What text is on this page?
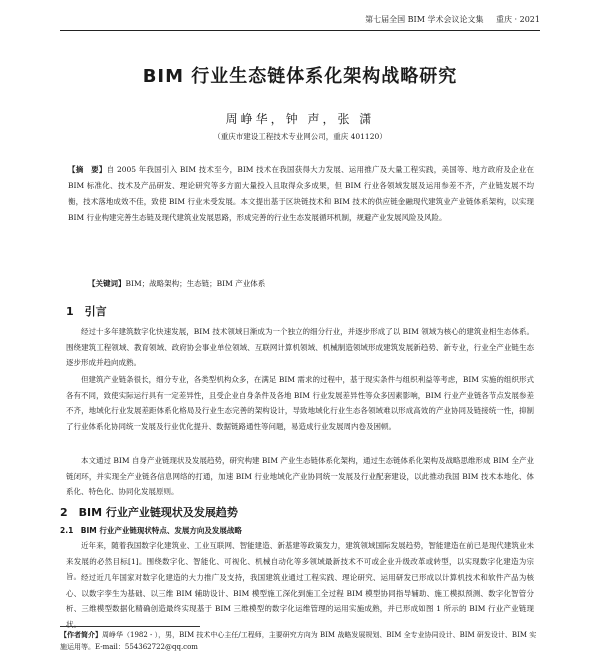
第七届全国 BIM 学术会议论文集 重庆 · 2021
BIM 行业生态链体系化架构战略研究
周峥华，钟 声，张 潇
（重庆市建设工程技术专业网公司，重庆 401120）
【摘　要】自 2005 年我国引入 BIM 技术至今，BIM 技术在我国获得大力发展、运用推广及大量工程实践，美国等、地方政府及企业在 BIM 标准化、技术及产品研发、理论研究等多方面大量投入且取得众多成果，但 BIM 行业各领域发展及运用参差不齐，产业链发展不均衡，技术落地成效不佳，致使 BIM 行业未受发展。本文提出基于区块链技术和 BIM 技术的供应链金融现代建筑业产业链体系架构，以实现 BIM 行业构建完善生态链及现代建筑业发展思路，形成完善的行业生态发展循环机制，规避产业发展风险及风险。
【关键词】BIM；战略架构；生态链；BIM 产业体系
1　引言

经过十多年建筑数字化快速发展，BIM 技术领域日渐成为一个独立的细分行业，并逐步形成了以 BIM 领域为核心的建筑业相生态体系。围绕建筑工程领域、教育领域、政府协会事业单位领域、互联网计算机领域、机械制造领域形成建筑发展新趋势、新专业，行业全产业链生态逐步形成并趋向成熟。

但建筑产业链条很长，细分专业，各类型机构众多，在满足 BIM 需求的过程中，基于现实条件与组织利益等考虑，BIM 实施的组织形式各有不同，致使实际运行具有一定差异性，且受企业自身条件及各地 BIM 行业发展差异性等众多因素影响，BIM 行业产业链各节点发展参差不齐，地域化行业发展差距体系化格局及行业生态完善的架构设计，导致地域化行业生态各领域难以形成高效的产业协同及链接统一性，抑制了行业体系化协同统一发展及行业优化提升、数据链路通性等问题，易造成行业发展周内卷及困顿。

本文通过 BIM 自身产业链现状及发展趋势，研究构建 BIM 产业生态链体系化架构，通过生态链体系化架构及战略思维形成 BIM 全产业链闭环，并实现全产业链各信息网络的打通，加速 BIM 行业地域化产业协同统一发展及行业配套建设，以此推动我国 BIM 技术本地化、体系化、特色化、协同化发展原则。

2　BIM 行业产业链现状及发展趋势
2.1　BIM 行业产业链现状特点、发展方向及发展战略

近年来，随着我国数字化建筑业、工业互联网、智能建造、新基建等政策发力，建筑领域国际发展趋势，智能建造在前已是现代建筑业未来发展的必然目标[1]。围绕数字化、智能化、可视化、机械自动化等多领域最新技术不可或企业升级改革或转型，以实现数字化建造为宗旨。 经过近几年国家对数字化建造的大力推广及支持，我国建筑业通过工程实践、理论研究、运用研发已形成以计算机技术和软件产品为核心、以数字孪生为基础、以三维 BIM 辅助设计、BIM 模型施工深化到施工全过程 BIM 模型协同指导辅助、施工模拟预测、数字化智管分析、三维模型数据化精确创造最终实现基于 BIM 三维模型的数字化运维管理的运用实施成熟，并已形成如图 1 所示的 BIM 行业产业链现状。

【作者简介】周峥华（1982 - ），男，BIM 技术中心主任/工程师，主要研究方向为 BIM 战略发展规划、BIM 全专业协同设计、BIM 研发设计、BIM 实施运用等。E-mail：554362722@qq.com
